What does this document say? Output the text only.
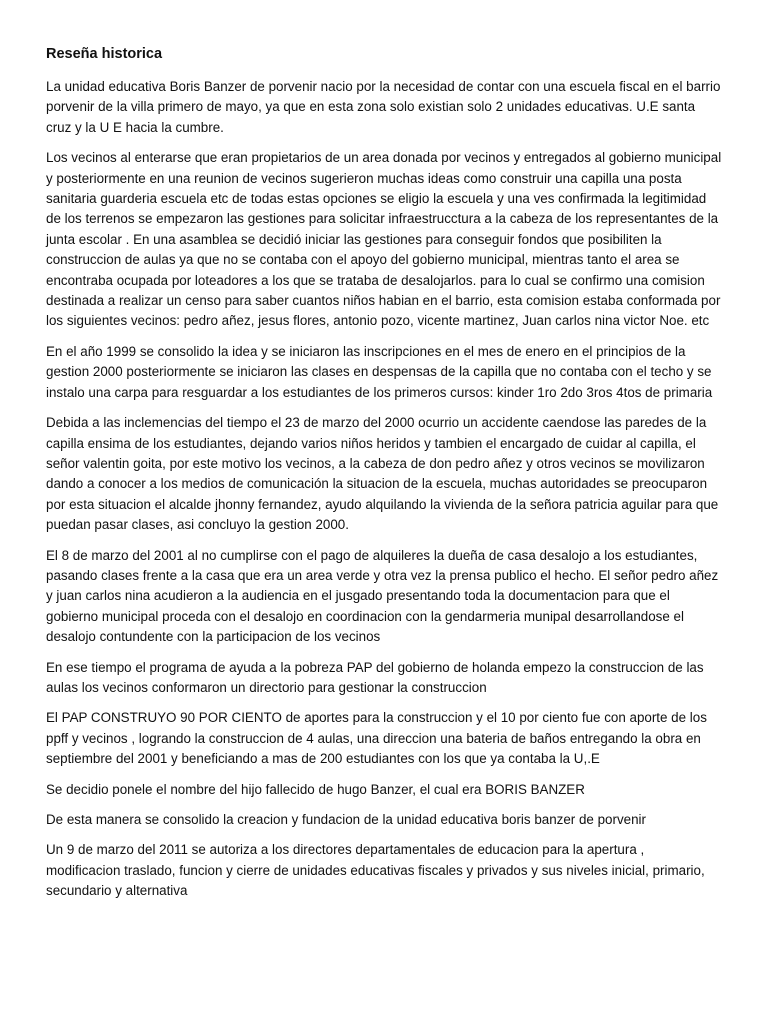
Reseña historica

La unidad educativa Boris Banzer de porvenir nacio por la necesidad de contar con una escuela fiscal en el barrio porvenir de la villa primero de mayo, ya que en esta zona solo existian solo 2 unidades educativas. U.E santa cruz y la U E hacia la cumbre.

Los vecinos al enterarse que eran propietarios de un area donada por vecinos y entregados al gobierno municipal y posteriormente en una reunion de vecinos sugerieron muchas ideas como construir una capilla una posta sanitaria guarderia escuela etc de todas estas opciones se eligio la escuela y una ves confirmada la legitimidad de los terrenos se empezaron las gestiones para solicitar infraestrucctura a la cabeza de los representantes de la junta escolar . En una asamblea se decidió iniciar las gestiones para conseguir fondos que posibiliten la construccion de aulas ya que no se contaba con el apoyo del gobierno municipal, mientras tanto el area se encontraba ocupada por loteadores a los que se trataba de desalojarlos. para lo cual se confirmo una comision destinada a realizar un censo para saber cuantos niños habian en el barrio, esta comision estaba conformada por los siguientes vecinos: pedro añez, jesus flores, antonio pozo, vicente martinez, Juan carlos nina victor Noe. etc

En el año 1999 se consolido la idea y se iniciaron las inscripciones en el mes de enero en el principios de la gestion 2000 posteriormente se iniciaron las clases en despensas de la capilla que no contaba con el techo y se instalo una carpa para resguardar a los estudiantes de los primeros cursos: kinder 1ro 2do 3ros 4tos de primaria

Debida a las inclemencias del tiempo el 23 de marzo del 2000 ocurrio un accidente caendose las paredes de la capilla ensima de los estudiantes, dejando varios niños heridos y tambien el encargado de cuidar al capilla, el señor valentin goita, por este motivo los vecinos, a la cabeza de don pedro añez y otros vecinos se movilizaron dando a conocer a los medios de comunicación la situacion de la escuela, muchas autoridades se preocuparon por esta situacion el alcalde jhonny fernandez, ayudo alquilando la vivienda de la señora patricia aguilar para que puedan pasar clases, asi concluyo la gestion 2000.

El 8 de marzo del 2001 al no cumplirse con el pago de alquileres la dueña de casa desalojo a los estudiantes, pasando clases frente a la casa que era un area verde y otra vez la prensa publico el hecho. El señor pedro añez y juan carlos nina acudieron a la audiencia en el jusgado presentando toda la documentacion para que el gobierno municipal proceda con el desalojo en coordinacion con la gendarmeria munipal desarrollandose el desalojo contundente con la participacion de los vecinos

En ese tiempo el programa de ayuda a la pobreza PAP del gobierno de holanda empezo la construccion de las aulas los vecinos conformaron un directorio para gestionar la construccion

El PAP CONSTRUYO 90 POR CIENTO de aportes para la construccion y el 10 por ciento fue con aporte de los ppff y vecinos , logrando la construccion de 4 aulas, una direccion una bateria de baños entregando la obra en septiembre del 2001 y beneficiando a mas de 200 estudiantes con los que ya contaba la U,.E

Se decidio ponele el nombre del hijo fallecido de hugo Banzer, el cual era BORIS BANZER

De esta manera se consolido la creacion y fundacion de la unidad educativa boris banzer de porvenir

Un 9 de marzo del 2011 se autoriza a los directores departamentales de educacion para la apertura , modificacion traslado, funcion y cierre de unidades educativas fiscales y privados y sus niveles inicial, primario, secundario y alternativa
